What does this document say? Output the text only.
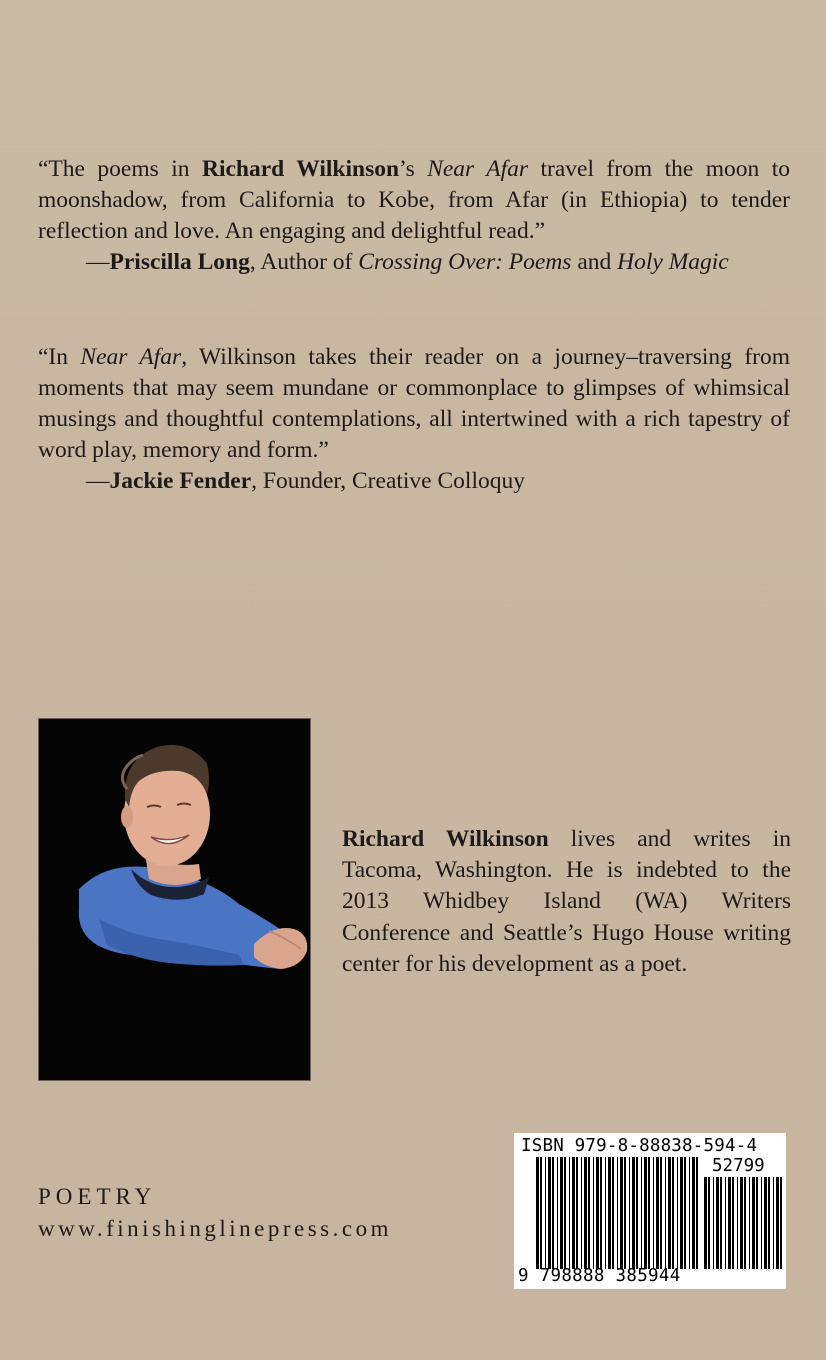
“The poems in Richard Wilkinson’s Near Afar travel from the moon to moonshadow, from California to Kobe, from Afar (in Ethiopia) to tender reflection and love. An engaging and delightful read.”

—Priscilla Long, Author of Crossing Over: Poems and Holy Magic

“In Near Afar, Wilkinson takes their reader on a journey–traversing from moments that may seem mundane or commonplace to glimpses of whimsical musings and thoughtful contemplations, all intertwined with a rich tapestry of word play, memory and form.”

—Jackie Fender, Founder, Creative Colloquy

Richard Wilkinson lives and writes in Tacoma, Washington. He is indebted to the 2013 Whidbey Island (WA) Writers Conference and Seattle’s Hugo House writing center for his development as a poet.

POETRY

www.finishinglinepress.com

ISBN 979-8-88838-594-4
52799
9 798888 385944
